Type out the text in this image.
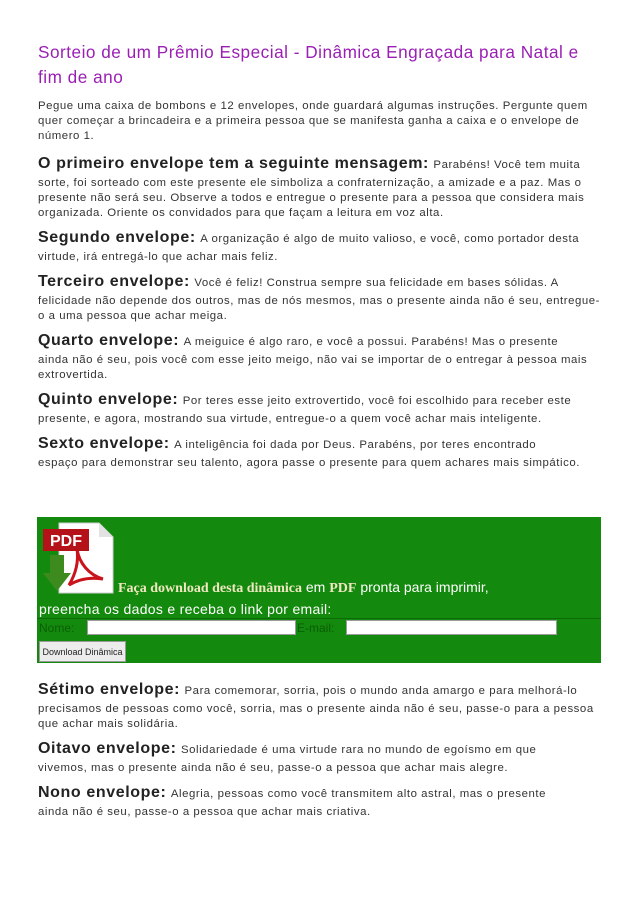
Sorteio de um Prêmio Especial - Dinâmica Engraçada para Natal e fim de ano

Pegue uma caixa de bombons e 12 envelopes, onde guardará algumas instruções. Pergunte quem quer começar a brincadeira e a primeira pessoa que se manifesta ganha a caixa e o envelope de número 1.

O primeiro envelope tem a seguinte mensagem: Parabéns! Você tem muita
sorte, foi sorteado com este presente ele simboliza a confraternização, a amizade e a paz. Mas o presente não será seu. Observe a todos e entregue o presente para a pessoa que considera mais organizada. Oriente os convidados para que façam a leitura em voz alta.
Segundo envelope: A organização é algo de muito valioso, e você, como portador desta
virtude, irá entregá-lo que achar mais feliz.
Terceiro envelope: Você é feliz! Construa sempre sua felicidade em bases sólidas. A
felicidade não depende dos outros, mas de nós mesmos, mas o presente ainda não é seu, entregue-o a uma pessoa que achar meiga.
Quarto envelope: A meiguice é algo raro, e você a possui. Parabéns! Mas o presente
ainda não é seu, pois você com esse jeito meigo, não vai se importar de o entregar à pessoa mais extrovertida.
Quinto envelope: Por teres esse jeito extrovertido, você foi escolhido para receber este
presente, e agora, mostrando sua virtude, entregue-o a quem você achar mais inteligente.
Sexto envelope: A inteligência foi dada por Deus. Parabéns, por teres encontrado
espaço para demonstrar seu talento, agora passe o presente para quem achares mais simpático.
PDF
Faça download desta dinâmica em PDF pronta para imprimir,
preencha os dados e receba o link por email:
Nome:	E-mail:
Download Dinâmica
Sétimo envelope: Para comemorar, sorria, pois o mundo anda amargo e para melhorá-lo
precisamos de pessoas como você, sorria, mas o presente ainda não é seu, passe-o para a pessoa que achar mais solidária.
Oitavo envelope: Solidariedade é uma virtude rara no mundo de egoísmo em que
vivemos, mas o presente ainda não é seu, passe-o a pessoa que achar mais alegre.
Nono envelope: Alegria, pessoas como você transmitem alto astral, mas o presente
ainda não é seu, passe-o a pessoa que achar mais criativa.
